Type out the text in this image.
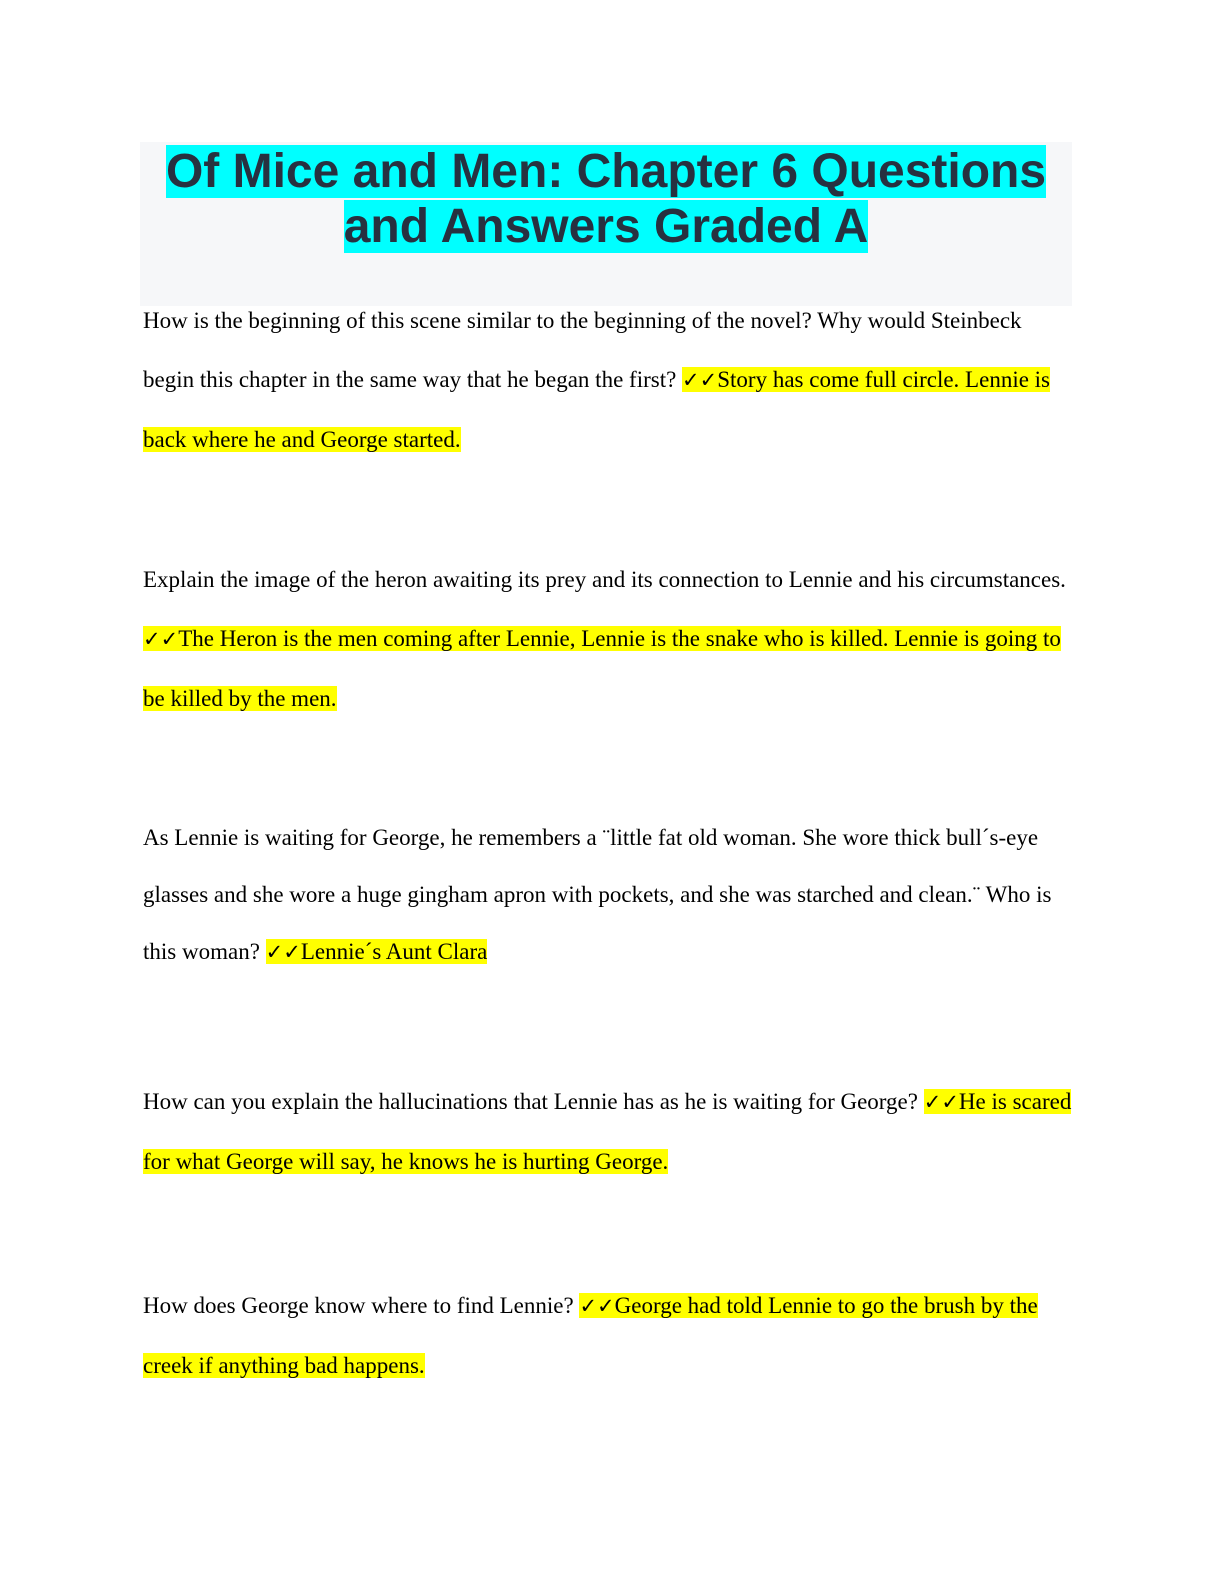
Of Mice and Men: Chapter 6 Questions
and Answers Graded A

How is the beginning of this scene similar to the beginning of the novel? Why would Steinbeck begin this chapter in the same way that he began the first? ✓✓Story has come full circle. Lennie is back where he and George started.

Explain the image of the heron awaiting its prey and its connection to Lennie and his circumstances. ✓✓The Heron is the men coming after Lennie, Lennie is the snake who is killed. Lennie is going to be killed by the men.

As Lennie is waiting for George, he remembers a ¨little fat old woman. She wore thick bull´s-eye glasses and she wore a huge gingham apron with pockets, and she was starched and clean.¨ Who is this woman? ✓✓Lennie´s Aunt Clara

How can you explain the hallucinations that Lennie has as he is waiting for George? ✓✓He is scared for what George will say, he knows he is hurting George.

How does George know where to find Lennie? ✓✓George had told Lennie to go the brush by the creek if anything bad happens.
